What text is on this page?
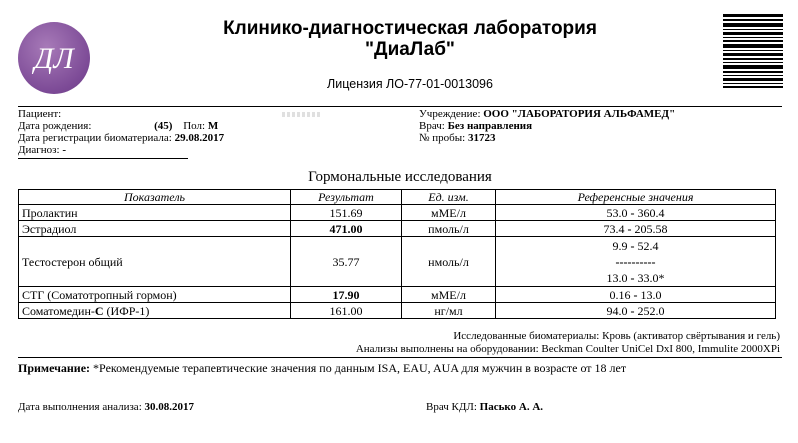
ДЛ
Клинико-диагностическая лаборатория
"ДиаЛаб"
Лицензия ЛО-77-01-0013096
Пациент:
Дата рождения:	(45) Пол: М
Дата регистрации биоматериала: 29.08.2017
Диагноз: -
Учреждение: ООО "ЛАБОРАТОРИЯ АЛЬФАМЕД"
Врач: Без направления
№ пробы: 31723
Гормональные исследования
Показатель	Результат	Ед. изм.	Референсные значения
Пролактин	151.69	мМЕ/л	53.0 - 360.4
Эстрадиол	471.00	пмоль/л	73.4 - 205.58
Тестостерон общий	35.77	нмоль/л	9.9 - 52.4
----------
13.0 - 33.0*

СТГ (Соматотропный гормон)	17.90	мМЕ/л	0.16 - 13.0
Соматомедин-С (ИФР-1)	161.00	нг/мл	94.0 - 252.0
Исследованные биоматериалы: Кровь (активатор свёртывания и гель)
Анализы выполнены на оборудовании: Beckman Coulter UniCel DxI 800, Immulite 2000XPi
Примечание: *Рекомендуемые терапевтические значения по данным ISA, EAU, AUA для мужчин в возрасте от 18 лет
Дата выполнения анализа: 30.08.2017	Врач КДЛ: Пасько А. А.
